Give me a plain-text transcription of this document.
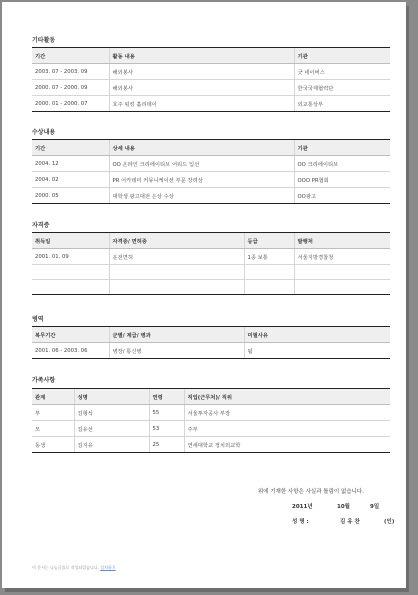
기타활동
기간	활동 내용	기관
2003. 07 - 2003. 09	해외봉사	굿 네이버스
2000. 07 - 2000. 09	해외봉사	한국국제협력단
2000. 01 - 2000. 07	호주 워킹 홀리데이	외교통상부
수상내용
기간	상세 내용	기관
2004. 12	OO 온라인 크리에이티브 어워드 입선	OO 크리에이티브
2004. 02	PR 어카데미 커뮤니케이션 부문 장려상	OOO PR협회
2000. 05	대학생 광고대전 은상 수상	OO광고
자격증
취득일	자격증/ 면허증	등급	발행처
2001. 01. 09	운전면허	1종 보통	서울지방경찰청

병역
복무기간	군별/ 계급/ 병과	미필사유
2001. 06 - 2003. 06	병장/ 통신병	됨
가족사항
관계	성명	연령	직업(근무처)/ 직위
부	김형석	55	서울투자공사 부장
모	김유선	53	주부
동생	김지유	25	연세대학교 정치외교학
위에 기재한 사항은 사실과 틀림이 없습니다.
2011년	10월	9일
성 명 :	김 유 찬	(인)
이 문서는 나눔글꼴로 작성되었습니다. 설치하기
